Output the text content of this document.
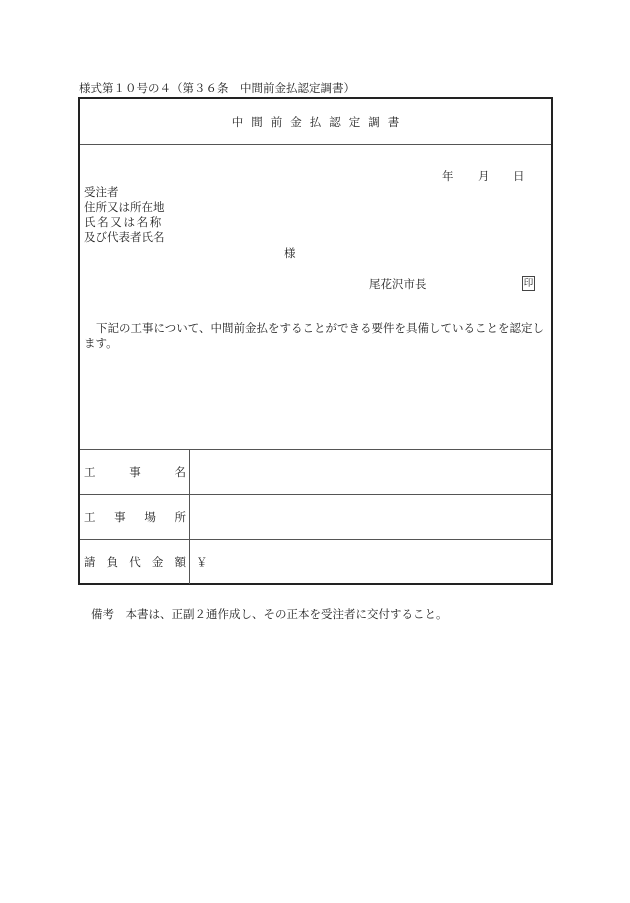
様式第１０号の４（第３６条　中間前金払認定調書）
中間前金払認定調書
年 月 日
受注者
住所又は所在地
氏 名 又 は 名 称
及び代表者氏名
様
尾花沢市長	印
下記の工事について、中間前金払をすることができる要件を具備していることを認定します。
工	事	名
工 事 場 所
請 負 代 金 額 ￥
備考　本書は、正副２通作成し、その正本を受注者に交付すること。
